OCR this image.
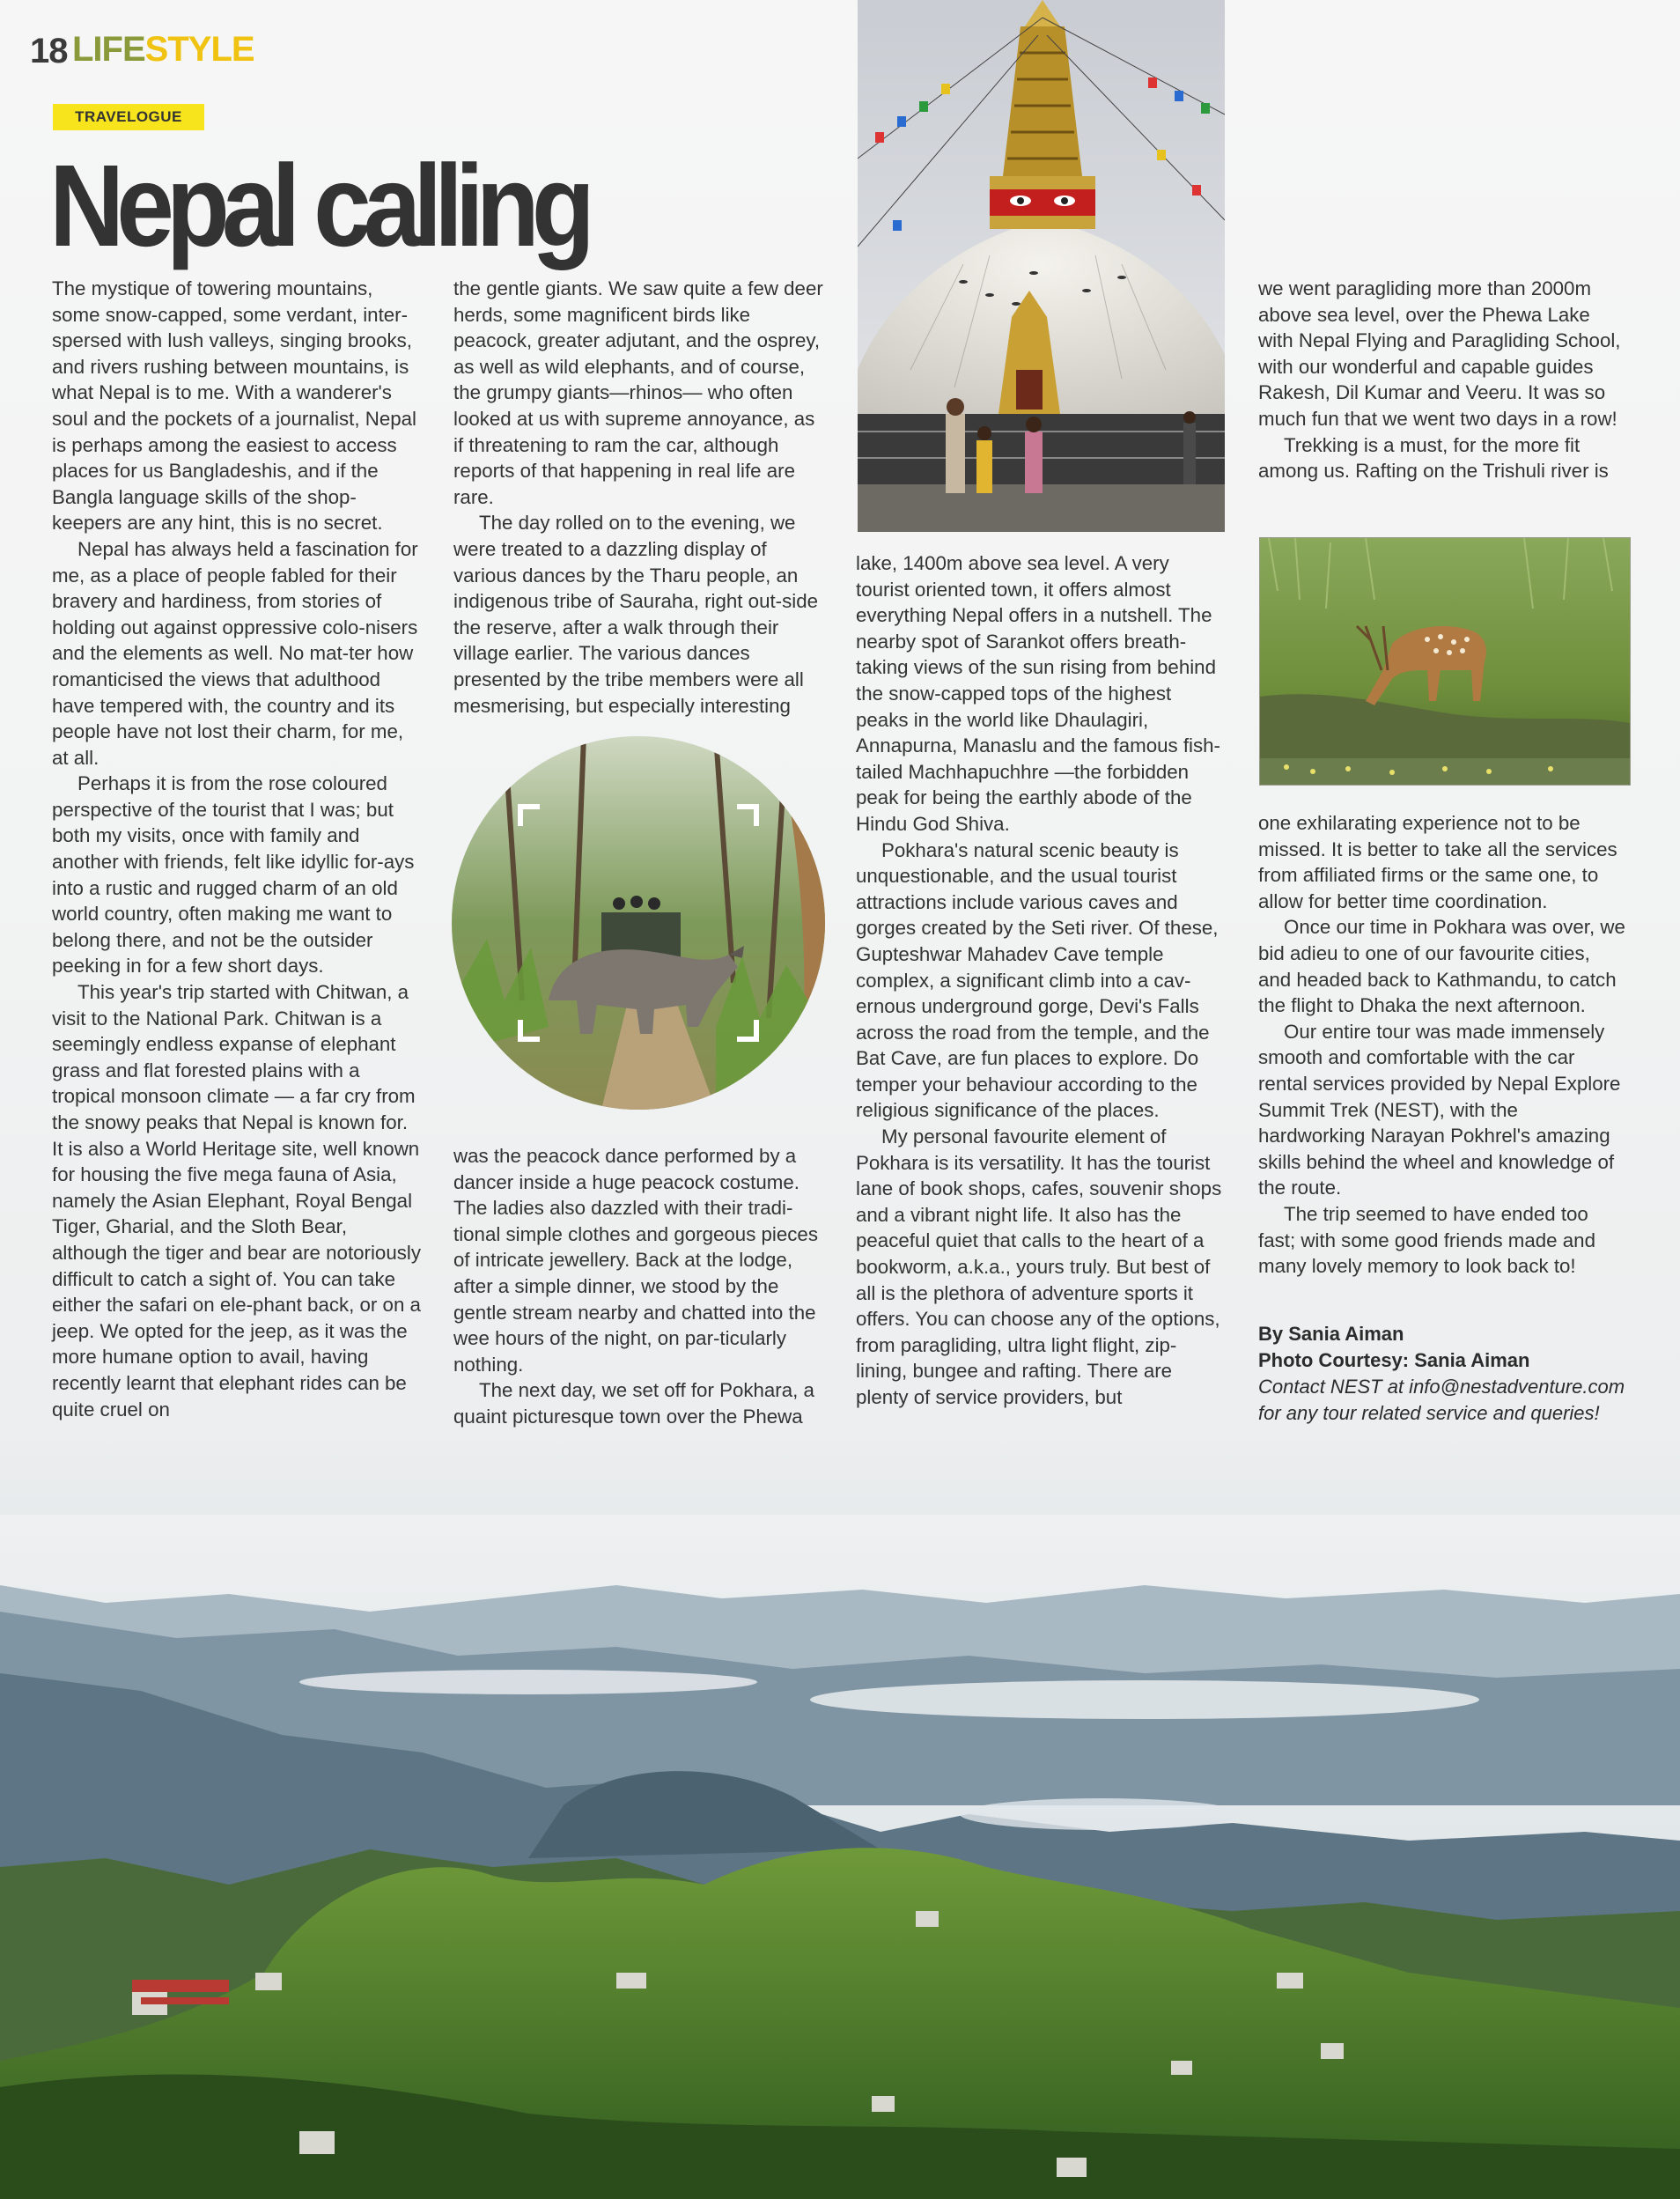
18 LIFESTYLE
TRAVELOGUE
Nepal calling

The mystique of towering mountains, some snow-capped, some verdant, inter-spersed with lush valleys, singing brooks, and rivers rushing between mountains, is what Nepal is to me. With a wanderer's soul and the pockets of a journalist, Nepal is perhaps among the easiest to access places for us Bangladeshis, and if the Bangla language skills of the shop-keepers are any hint, this is no secret.

Nepal has always held a fascination for me, as a place of people fabled for their bravery and hardiness, from stories of holding out against oppressive colo-nisers and the elements as well. No mat-ter how romanticised the views that adulthood have tempered with, the country and its people have not lost their charm, for me, at all.

Perhaps it is from the rose coloured perspective of the tourist that I was; but both my visits, once with family and another with friends, felt like idyllic for-ays into a rustic and rugged charm of an old world country, often making me want to belong there, and not be the outsider peeking in for a few short days.

This year's trip started with Chitwan, a visit to the National Park. Chitwan is a seemingly endless expanse of elephant grass and flat forested plains with a tropical monsoon climate — a far cry from the snowy peaks that Nepal is known for. It is also a World Heritage site, well known for housing the five mega fauna of Asia, namely the Asian Elephant, Royal Bengal Tiger, Gharial, and the Sloth Bear, although the tiger and bear are notoriously difficult to catch a sight of. You can take either the safari on ele-phant back, or on a jeep. We opted for the jeep, as it was the more humane option to avail, having recently learnt that elephant rides can be quite cruel on

the gentle giants. We saw quite a few deer herds, some magnificent birds like peacock, greater adjutant, and the osprey, as well as wild elephants, and of course, the grumpy giants—rhinos— who often looked at us with supreme annoyance, as if threatening to ram the car, although reports of that happening in real life are rare.

The day rolled on to the evening, we were treated to a dazzling display of various dances by the Tharu people, an indigenous tribe of Sauraha, right out-side the reserve, after a walk through their village earlier. The various dances presented by the tribe members were all mesmerising, but especially interesting

was the peacock dance performed by a dancer inside a huge peacock costume. The ladies also dazzled with their tradi-tional simple clothes and gorgeous pieces of intricate jewellery. Back at the lodge, after a simple dinner, we stood by the gentle stream nearby and chatted into the wee hours of the night, on par-ticularly nothing.

The next day, we set off for Pokhara, a quaint picturesque town over the Phewa

lake, 1400m above sea level. A very tourist oriented town, it offers almost everything Nepal offers in a nutshell. The nearby spot of Sarankot offers breath-taking views of the sun rising from behind the snow-capped tops of the highest peaks in the world like Dhaulagiri, Annapurna, Manaslu and the famous fish-tailed Machhapuchhre —the forbidden peak for being the earthly abode of the Hindu God Shiva.

Pokhara's natural scenic beauty is unquestionable, and the usual tourist attractions include various caves and gorges created by the Seti river. Of these, Gupteshwar Mahadev Cave temple complex, a significant climb into a cav-ernous underground gorge, Devi's Falls across the road from the temple, and the Bat Cave, are fun places to explore. Do temper your behaviour according to the religious significance of the places.

My personal favourite element of Pokhara is its versatility. It has the tourist lane of book shops, cafes, souvenir shops and a vibrant night life. It also has the peaceful quiet that calls to the heart of a bookworm, a.k.a., yours truly. But best of all is the plethora of adventure sports it offers. You can choose any of the options, from paragliding, ultra light flight, zip-lining, bungee and rafting. There are plenty of service providers, but

we went paragliding more than 2000m above sea level, over the Phewa Lake with Nepal Flying and Paragliding School, with our wonderful and capable guides Rakesh, Dil Kumar and Veeru. It was so much fun that we went two days in a row!

Trekking is a must, for the more fit among us. Rafting on the Trishuli river is

one exhilarating experience not to be missed. It is better to take all the services from affiliated firms or the same one, to allow for better time coordination.

Once our time in Pokhara was over, we bid adieu to one of our favourite cities, and headed back to Kathmandu, to catch the flight to Dhaka the next afternoon.

Our entire tour was made immensely smooth and comfortable with the car rental services provided by Nepal Explore Summit Trek (NEST), with the hardworking Narayan Pokhrel's amazing skills behind the wheel and knowledge of the route.

The trip seemed to have ended too fast; with some good friends made and many lovely memory to look back to!

By Sania Aiman
Photo Courtesy: Sania Aiman
Contact NEST at info@nestadventure.com for any tour related service and queries!
